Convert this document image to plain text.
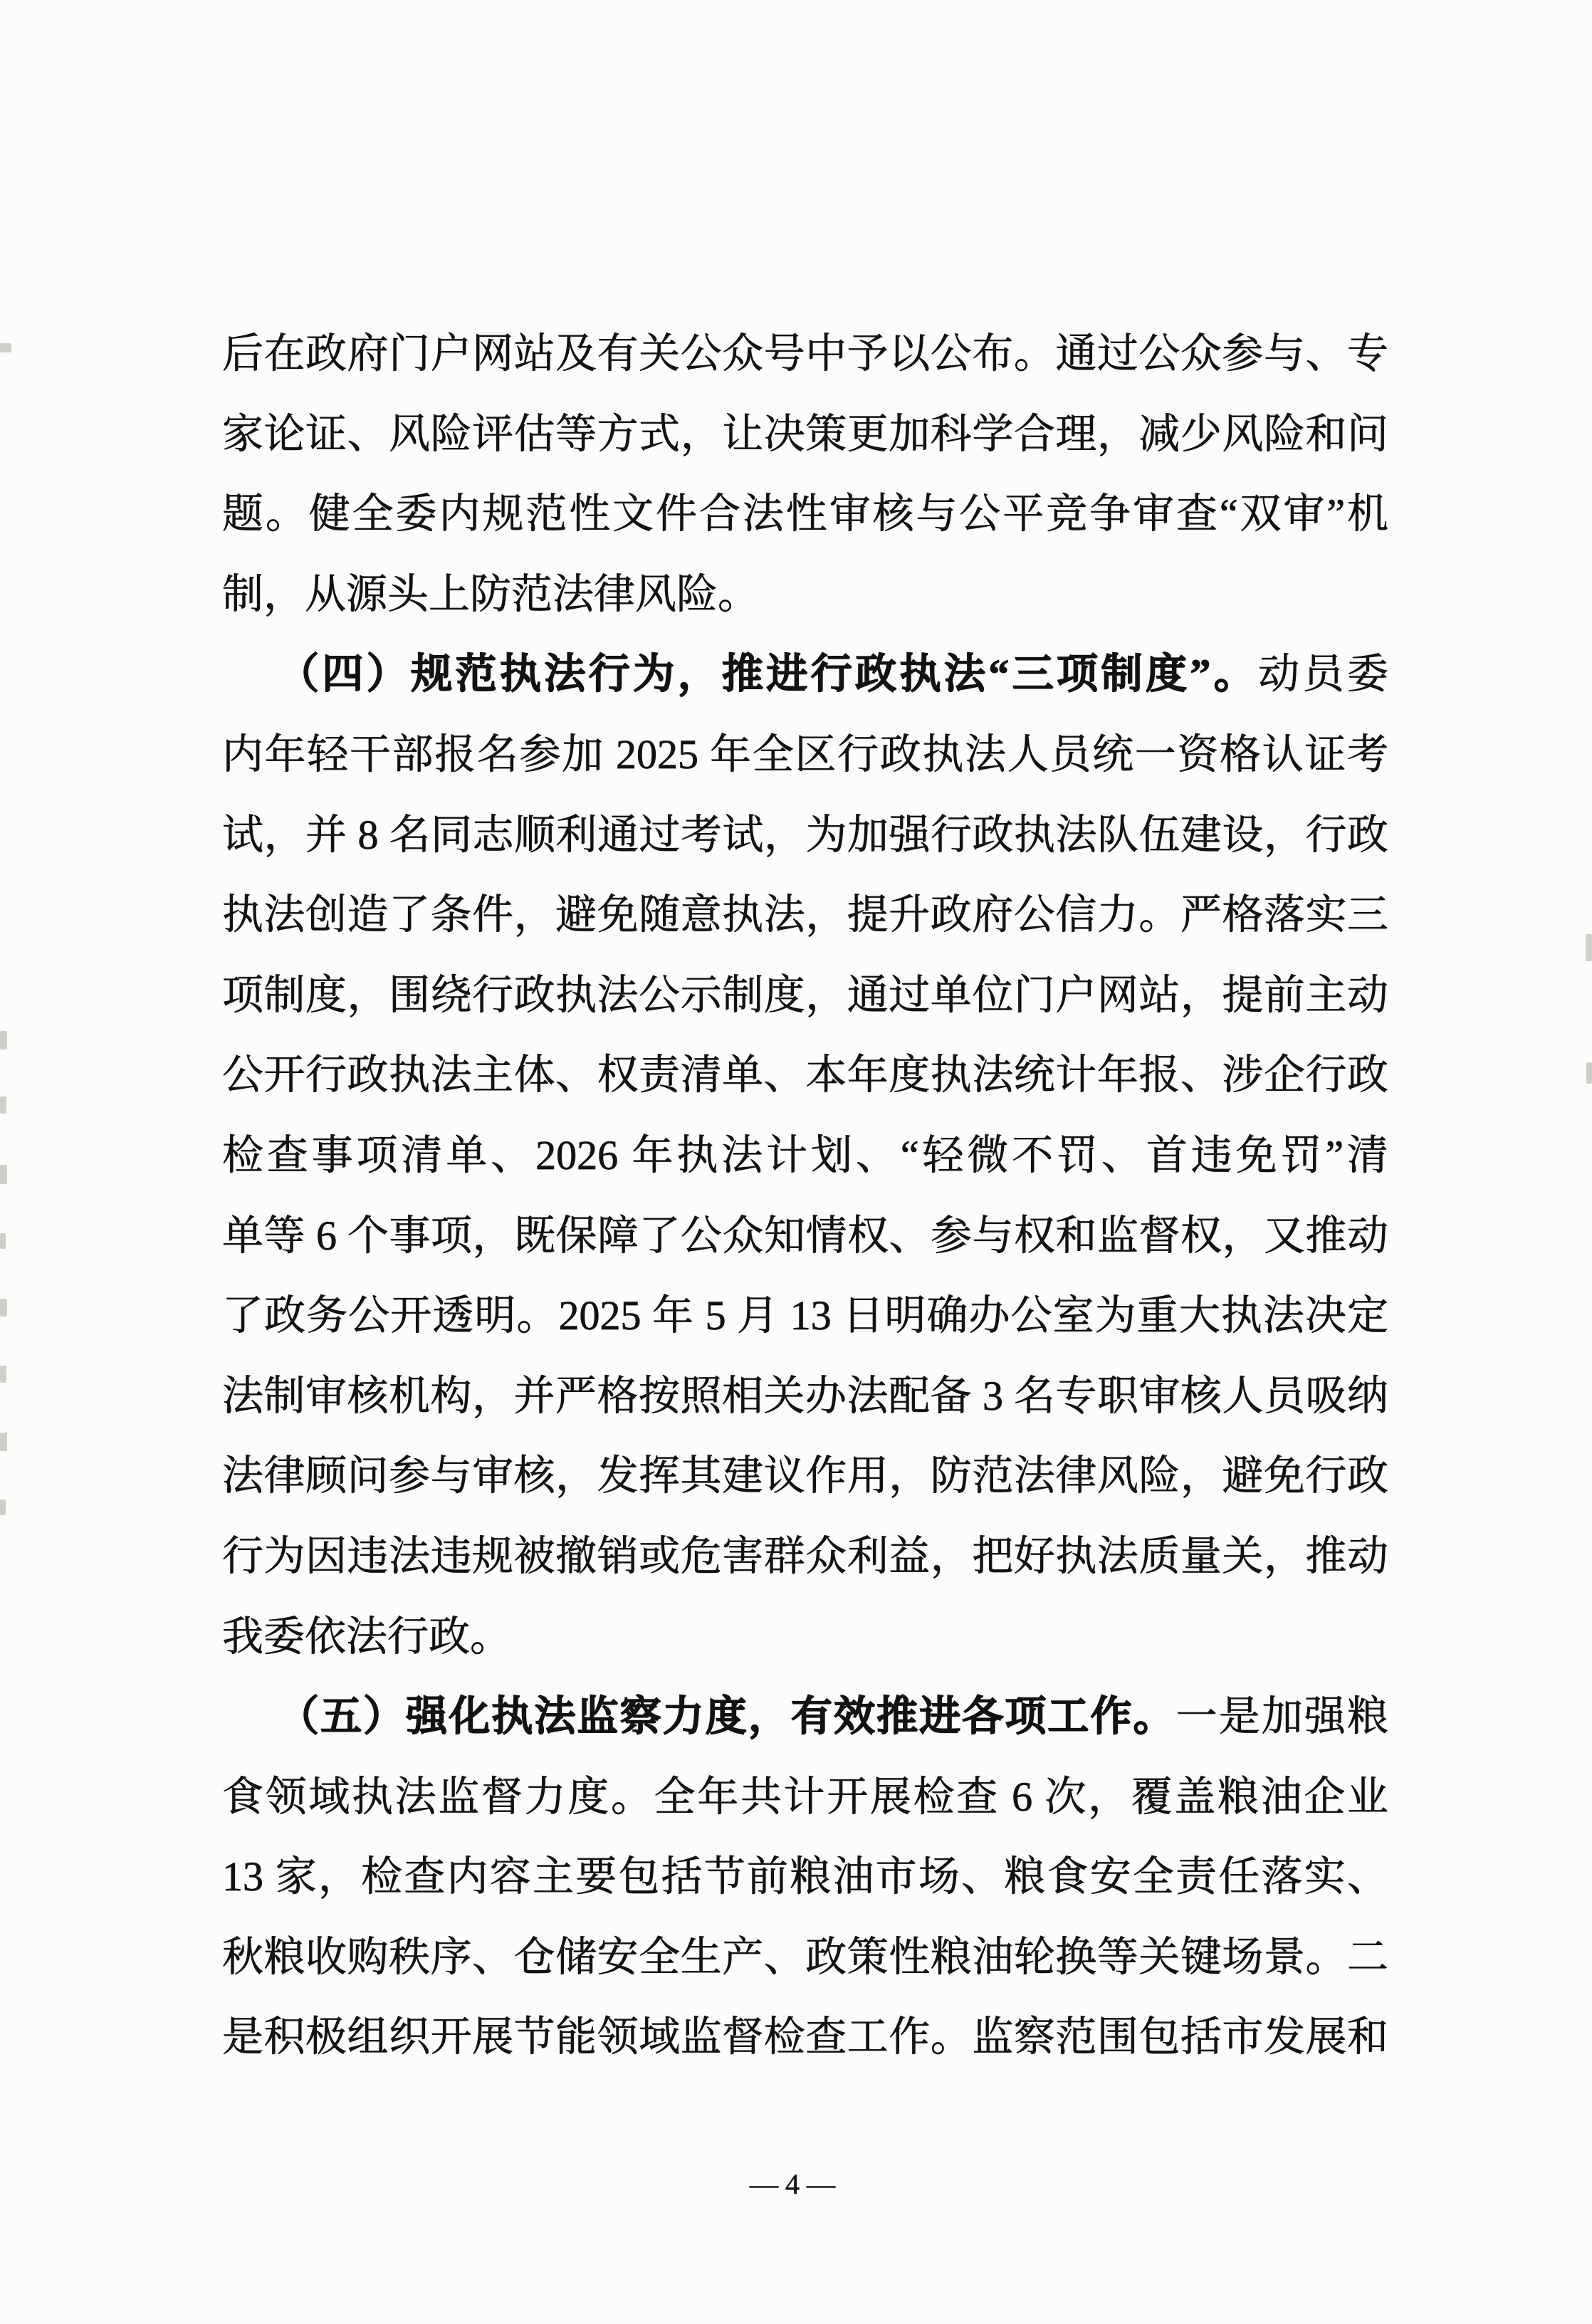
后在政府门户网站及有关公众号中予以公布。通过公众参与、专
家论证、风险评估等方式，让决策更加科学合理，减少风险和问
题。健全委内规范性文件合法性审核与公平竞争审查“双审”机
制，从源头上防范法律风险。
（四）规范执法行为，推进行政执法“三项制度”。动员委
内年轻干部报名参加 2025 年全区行政执法人员统一资格认证考
试，并 8 名同志顺利通过考试，为加强行政执法队伍建设，行政
执法创造了条件，避免随意执法，提升政府公信力。严格落实三
项制度，围绕行政执法公示制度，通过单位门户网站，提前主动
公开行政执法主体、权责清单、本年度执法统计年报、涉企行政
检查事项清单、2026 年执法计划、“轻微不罚、首违免罚”清
单等 6 个事项，既保障了公众知情权、参与权和监督权，又推动
了政务公开透明。2025 年 5 月 13 日明确办公室为重大执法决定
法制审核机构，并严格按照相关办法配备 3 名专职审核人员吸纳
法律顾问参与审核，发挥其建议作用，防范法律风险，避免行政
行为因违法违规被撤销或危害群众利益，把好执法质量关，推动
我委依法行政。
（五）强化执法监察力度，有效推进各项工作。一是加强粮
食领域执法监督力度。全年共计开展检查 6 次，覆盖粮油企业
13 家，检查内容主要包括节前粮油市场、粮食安全责任落实、
秋粮收购秩序、仓储安全生产、政策性粮油轮换等关键场景。二
是积极组织开展节能领域监督检查工作。监察范围包括市发展和
—4—
